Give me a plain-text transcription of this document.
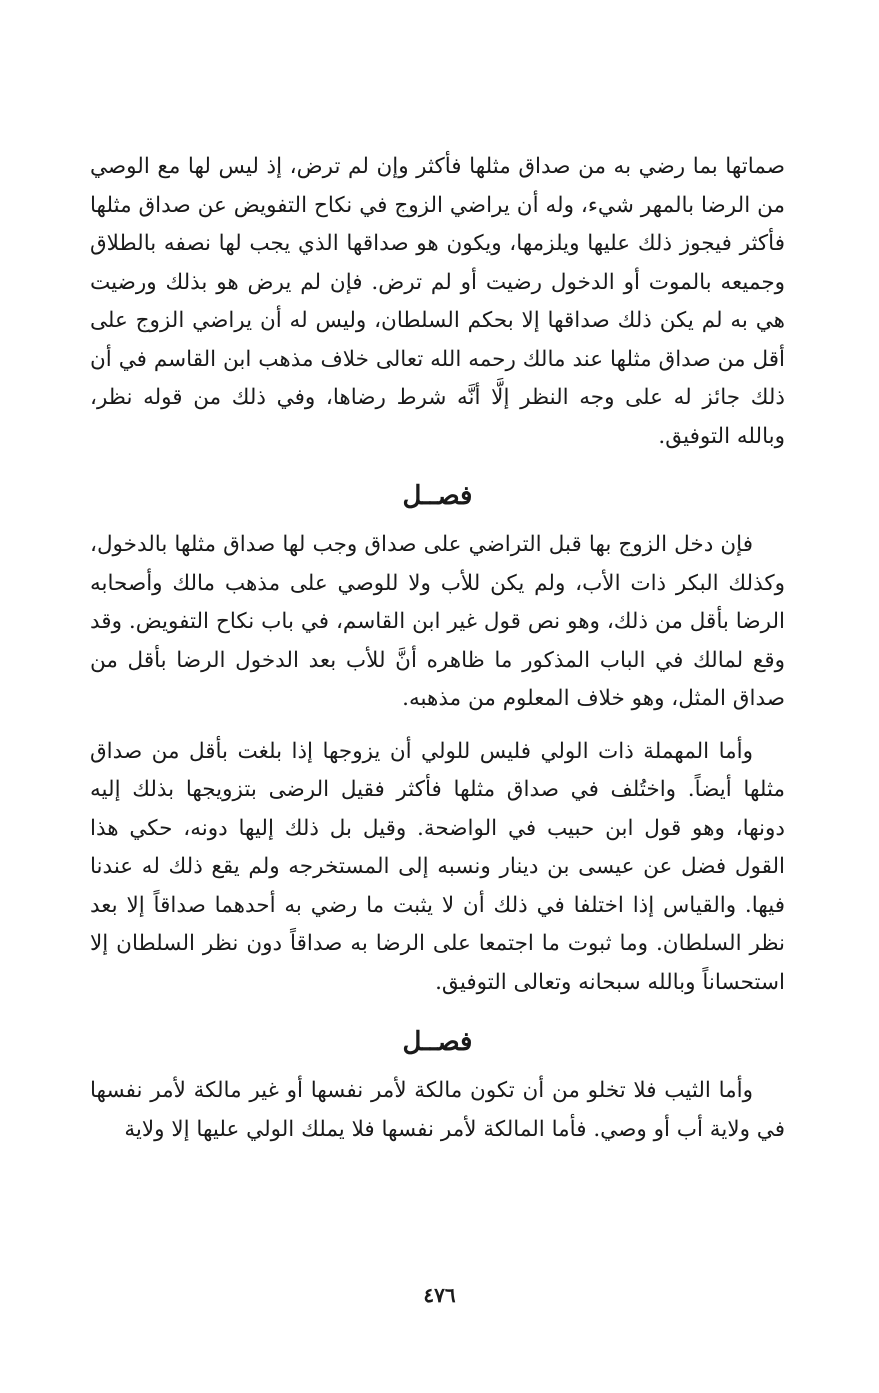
صماتها بما رضي به من صداق مثلها فأكثر وإن لم ترض، إذ ليس لها مع الوصي من الرضا بالمهر شيء، وله أن يراضي الزوج في نكاح التفويض عن صداق مثلها فأكثر فيجوز ذلك عليها ويلزمها، ويكون هو صداقها الذي يجب لها نصفه بالطلاق وجميعه بالموت أو الدخول رضيت أو لم ترض. فإن لم يرض هو بذلك ورضيت هي به لم يكن ذلك صداقها إلا بحكم السلطان، وليس له أن يراضي الزوج على أقل من صداق مثلها عند مالك رحمه الله تعالى خلاف مذهب ابن القاسم في أن ذلك جائز له على وجه النظر إلَّا أنَّه شرط رضاها، وفي ذلك من قوله نظر، وبالله التوفيق.

فصــل

فإن دخل الزوج بها قبل التراضي على صداق وجب لها صداق مثلها بالدخول، وكذلك البكر ذات الأب، ولم يكن للأب ولا للوصي على مذهب مالك وأصحابه الرضا بأقل من ذلك، وهو نص قول غير ابن القاسم، في باب نكاح التفويض. وقد وقع لمالك في الباب المذكور ما ظاهره أنَّ للأب بعد الدخول الرضا بأقل من صداق المثل، وهو خلاف المعلوم من مذهبه.

وأما المهملة ذات الولي فليس للولي أن يزوجها إذا بلغت بأقل من صداق مثلها أيضاً. واختُلف في صداق مثلها فأكثر فقيل الرضى بتزويجها بذلك إليه دونها، وهو قول ابن حبيب في الواضحة. وقيل بل ذلك إليها دونه، حكي هذا القول فضل عن عيسى بن دينار ونسبه إلى المستخرجه ولم يقع ذلك له عندنا فيها. والقياس إذا اختلفا في ذلك أن لا يثبت ما رضي به أحدهما صداقاً إلا بعد نظر السلطان. وما ثبوت ما اجتمعا على الرضا به صداقاً دون نظر السلطان إلا استحساناً وبالله سبحانه وتعالى التوفيق.

فصــل

وأما الثيب فلا تخلو من أن تكون مالكة لأمر نفسها أو غير مالكة لأمر نفسها في ولاية أب أو وصي. فأما المالكة لأمر نفسها فلا يملك الولي عليها إلا ولاية

٤٧٦
